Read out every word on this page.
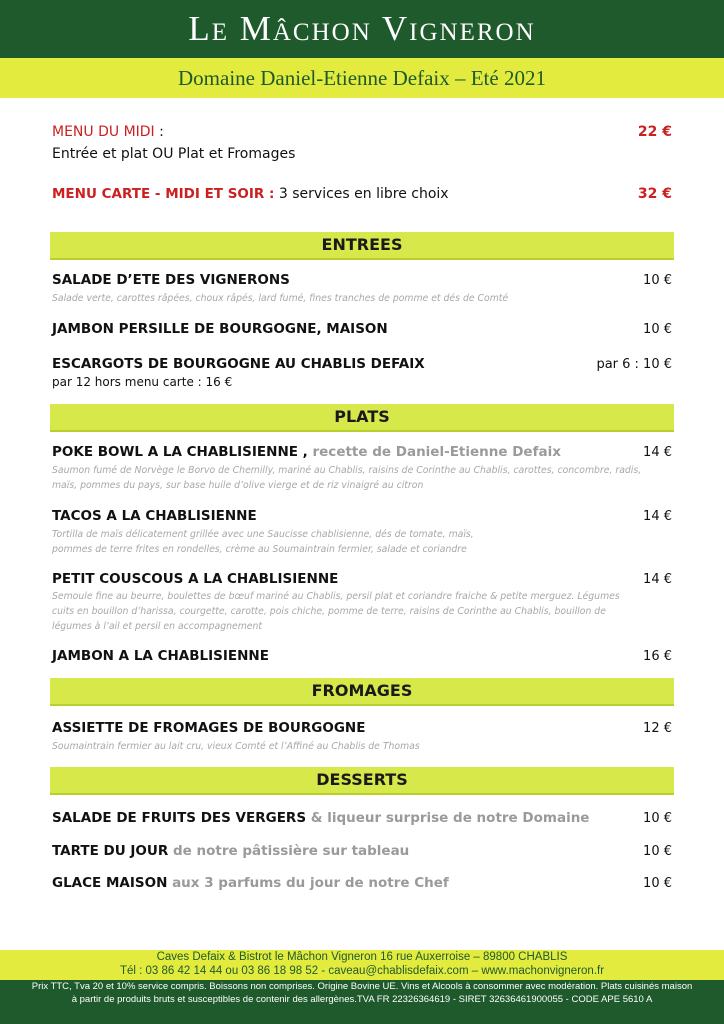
Le Mâchon Vigneron
Domaine Daniel-Etienne Defaix – Eté 2021
MENU DU MIDI :	22 €
Entrée et plat OU Plat et Fromages
MENU CARTE - MIDI ET SOIR : 3 services en libre choix	32 €
ENTREES
SALADE D’ETE DES VIGNERONS	10 €
Salade verte, carottes râpées, choux râpés, lard fumé, fines tranches de pomme et dés de Comté
JAMBON PERSILLE DE BOURGOGNE, MAISON	10 €
ESCARGOTS DE BOURGOGNE AU CHABLIS DEFAIX	par 6 : 10 €
par 12 hors menu carte : 16 €
PLATS
POKE BOWL A LA CHABLISIENNE , recette de Daniel-Etienne Defaix	14 €
Saumon fumé de Norvège le Borvo de Chemilly, mariné au Chablis, raisins de Corinthe au Chablis, carottes, concombre, radis, maïs, pommes du pays, sur base huile d’olive vierge et de riz vinaigré au citron
TACOS A LA CHABLISIENNE	14 €
Tortilla de maïs délicatement grillée avec une Saucisse chablisienne, dés de tomate, maïs, pommes de terre frites en rondelles, crème au Soumaintrain fermier, salade et coriandre
PETIT COUSCOUS A LA CHABLISIENNE	14 €
Semoule fine au beurre, boulettes de bœuf mariné au Chablis, persil plat et coriandre fraiche & petite merguez. Légumes cuits en bouillon d’harissa, courgette, carotte, pois chiche, pomme de terre, raisins de Corinthe au Chablis, bouillon de légumes à l’ail et persil en accompagnement
JAMBON A LA CHABLISIENNE	16 €
FROMAGES
ASSIETTE DE FROMAGES DE BOURGOGNE	12 €
Soumaintrain fermier au lait cru, vieux Comté et l’Affiné au Chablis de Thomas
DESSERTS
SALADE DE FRUITS DES VERGERS & liqueur surprise de notre Domaine	10 €
TARTE DU JOUR de notre pâtissière sur tableau	10 €
GLACE MAISON aux 3 parfums du jour de notre Chef	10 €
Caves Defaix & Bistrot le Mâchon Vigneron 16 rue Auxerroise – 89800 CHABLIS
Tél : 03 86 42 14 44 ou 03 86 18 98 52 - caveau@chablisdefaix.com – www.machonvigneron.fr
Prix TTC, Tva 20 et 10% service compris. Boissons non comprises. Origine Bovine UE. Vins et Alcools à consommer avec modération. Plats cuisinés maison
à partir de produits bruts et susceptibles de contenir des allergènes.TVA FR 22326364619 - SIRET 32636461900055 - CODE APE 5610 A
